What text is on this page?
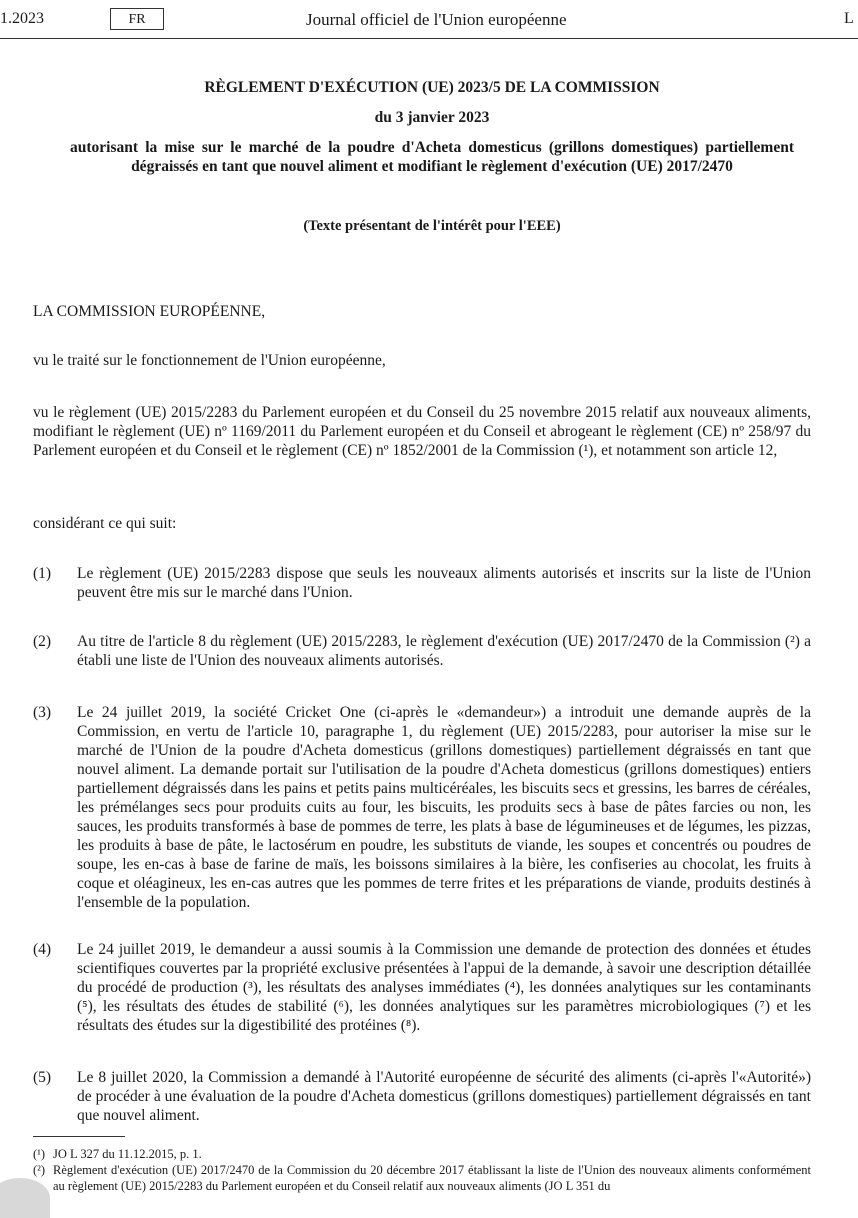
1.2023	FR	Journal officiel de l'Union européenne	L
RÈGLEMENT D'EXÉCUTION (UE) 2023/5 DE LA COMMISSION
du 3 janvier 2023
autorisant la mise sur le marché de la poudre d'Acheta domesticus (grillons domestiques) partiellement dégraissés en tant que nouvel aliment et modifiant le règlement d'exécution (UE) 2017/2470
(Texte présentant de l'intérêt pour l'EEE)
LA COMMISSION EUROPÉENNE,
vu le traité sur le fonctionnement de l'Union européenne,
vu le règlement (UE) 2015/2283 du Parlement européen et du Conseil du 25 novembre 2015 relatif aux nouveaux aliments, modifiant le règlement (UE) nº 1169/2011 du Parlement européen et du Conseil et abrogeant le règlement (CE) nº 258/97 du Parlement européen et du Conseil et le règlement (CE) nº 1852/2001 de la Commission (¹), et notamment son article 12,
considérant ce qui suit:
(1) Le règlement (UE) 2015/2283 dispose que seuls les nouveaux aliments autorisés et inscrits sur la liste de l'Union peuvent être mis sur le marché dans l'Union.
(2) Au titre de l'article 8 du règlement (UE) 2015/2283, le règlement d'exécution (UE) 2017/2470 de la Commission (²) a établi une liste de l'Union des nouveaux aliments autorisés.
(3) Le 24 juillet 2019, la société Cricket One (ci-après le «demandeur») a introduit une demande auprès de la Commission, en vertu de l'article 10, paragraphe 1, du règlement (UE) 2015/2283, pour autoriser la mise sur le marché de l'Union de la poudre d'Acheta domesticus (grillons domestiques) partiellement dégraissés en tant que nouvel aliment. La demande portait sur l'utilisation de la poudre d'Acheta domesticus (grillons domestiques) entiers partiellement dégraissés dans les pains et petits pains multicéréales, les biscuits secs et gressins, les barres de céréales, les prémélanges secs pour produits cuits au four, les biscuits, les produits secs à base de pâtes farcies ou non, les sauces, les produits transformés à base de pommes de terre, les plats à base de légumineuses et de légumes, les pizzas, les produits à base de pâte, le lactosérum en poudre, les substituts de viande, les soupes et concentrés ou poudres de soupe, les en-cas à base de farine de maïs, les boissons similaires à la bière, les confiseries au chocolat, les fruits à coque et oléagineux, les en-cas autres que les pommes de terre frites et les préparations de viande, produits destinés à l'ensemble de la population.
(4) Le 24 juillet 2019, le demandeur a aussi soumis à la Commission une demande de protection des données et études scientifiques couvertes par la propriété exclusive présentées à l'appui de la demande, à savoir une description détaillée du procédé de production (³), les résultats des analyses immédiates (⁴), les données analytiques sur les contaminants (⁵), les résultats des études de stabilité (⁶), les données analytiques sur les paramètres microbiologiques (⁷) et les résultats des études sur la digestibilité des protéines (⁸).
(5) Le 8 juillet 2020, la Commission a demandé à l'Autorité européenne de sécurité des aliments (ci-après l'«Autorité») de procéder à une évaluation de la poudre d'Acheta domesticus (grillons domestiques) partiellement dégraissés en tant que nouvel aliment.
(¹) JO L 327 du 11.12.2015, p. 1.
(²) Règlement d'exécution (UE) 2017/2470 de la Commission du 20 décembre 2017 établissant la liste de l'Union des nouveaux aliments conformément au règlement (UE) 2015/2283 du Parlement européen et du Conseil relatif aux nouveaux aliments (JO L 351 du
